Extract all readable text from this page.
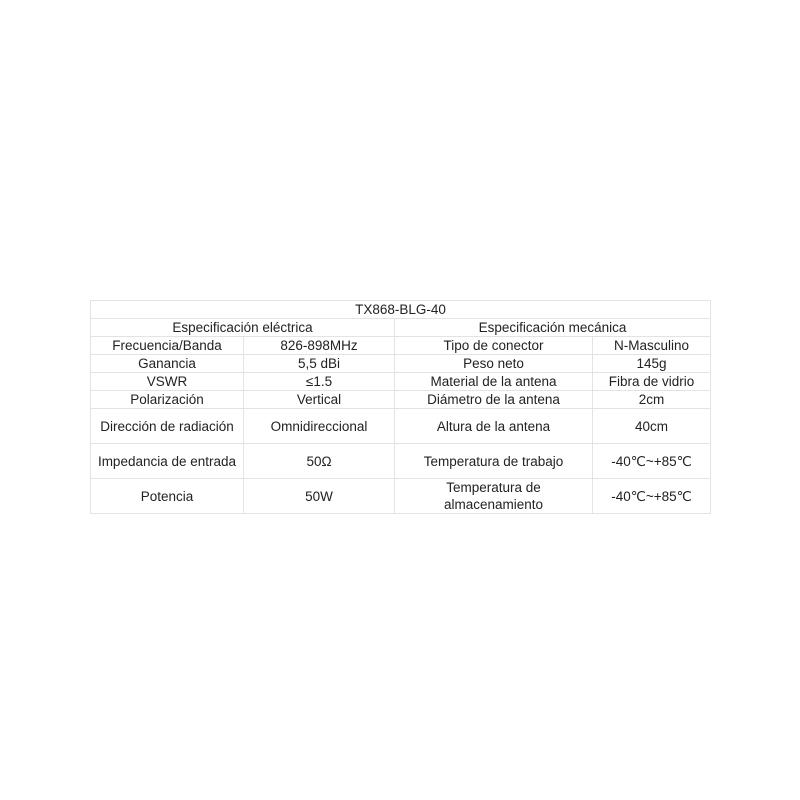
TX868-BLG-40			
Especificación eléctrica		Especificación mecánica	
Frecuencia/Banda	826-898MHz	Tipo de conector	N-Masculino
Ganancia	5,5 dBi	Peso neto	145g
VSWR	≤1.5	Material de la antena	Fibra de vidrio
Polarización	Vertical	Diámetro de la antena	2cm
Dirección de radiación	Omnidireccional	Altura de la antena	40cm
Impedancia de entrada	50Ω	Temperatura de trabajo	-40℃~+85℃
Potencia	50W	Temperatura de almacenamiento	-40℃~+85℃
